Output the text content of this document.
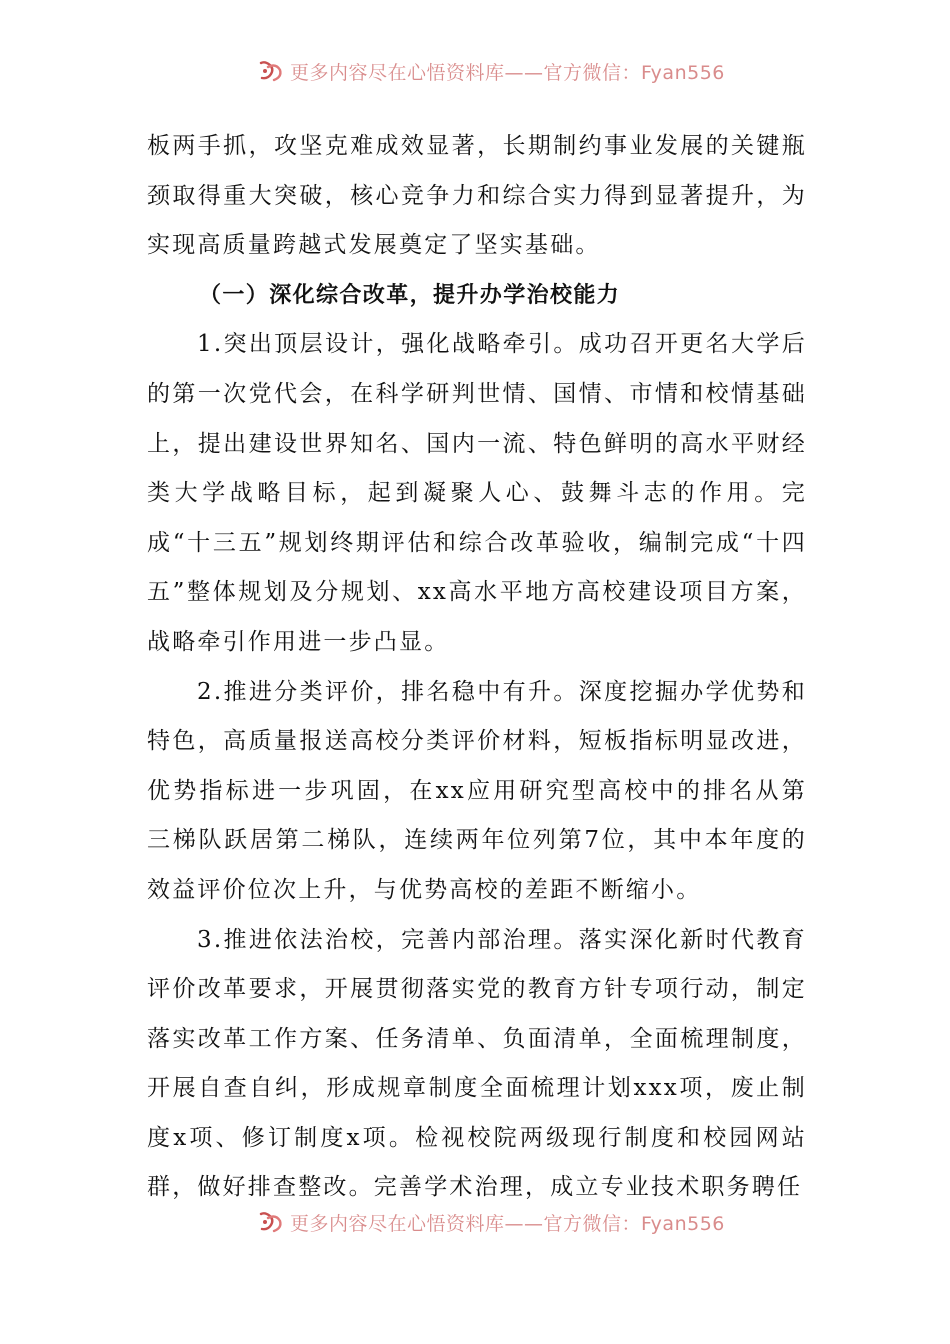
更多内容尽在心悟资料库——官方微信：Fyan556

板两手抓，攻坚克难成效显著，长期制约事业发展的关键瓶颈取得重大突破，核心竞争力和综合实力得到显著提升，为实现高质量跨越式发展奠定了坚实基础。

（一）深化综合改革，提升办学治校能力

1.突出顶层设计，强化战略牵引。成功召开更名大学后的第一次党代会，在科学研判世情、国情、市情和校情基础上，提出建设世界知名、国内一流、特色鲜明的高水平财经类大学战略目标，起到凝聚人心、鼓舞斗志的作用。完成“十三五”规划终期评估和综合改革验收，编制完成“十四五”整体规划及分规划、xx高水平地方高校建设项目方案，战略牵引作用进一步凸显。

2.推进分类评价，排名稳中有升。深度挖掘办学优势和特色，高质量报送高校分类评价材料，短板指标明显改进，优势指标进一步巩固，在xx应用研究型高校中的排名从第三梯队跃居第二梯队，连续两年位列第7位，其中本年度的效益评价位次上升，与优势高校的差距不断缩小。

3.推进依法治校，完善内部治理。落实深化新时代教育评价改革要求，开展贯彻落实党的教育方针专项行动，制定落实改革工作方案、任务清单、负面清单，全面梳理制度，开展自查自纠，形成规章制度全面梳理计划xxx项，废止制度x项、修订制度x项。检视校院两级现行制度和校园网站群，做好排查整改。完善学术治理，成立专业技术职务聘任

更多内容尽在心悟资料库——官方微信：Fyan556
